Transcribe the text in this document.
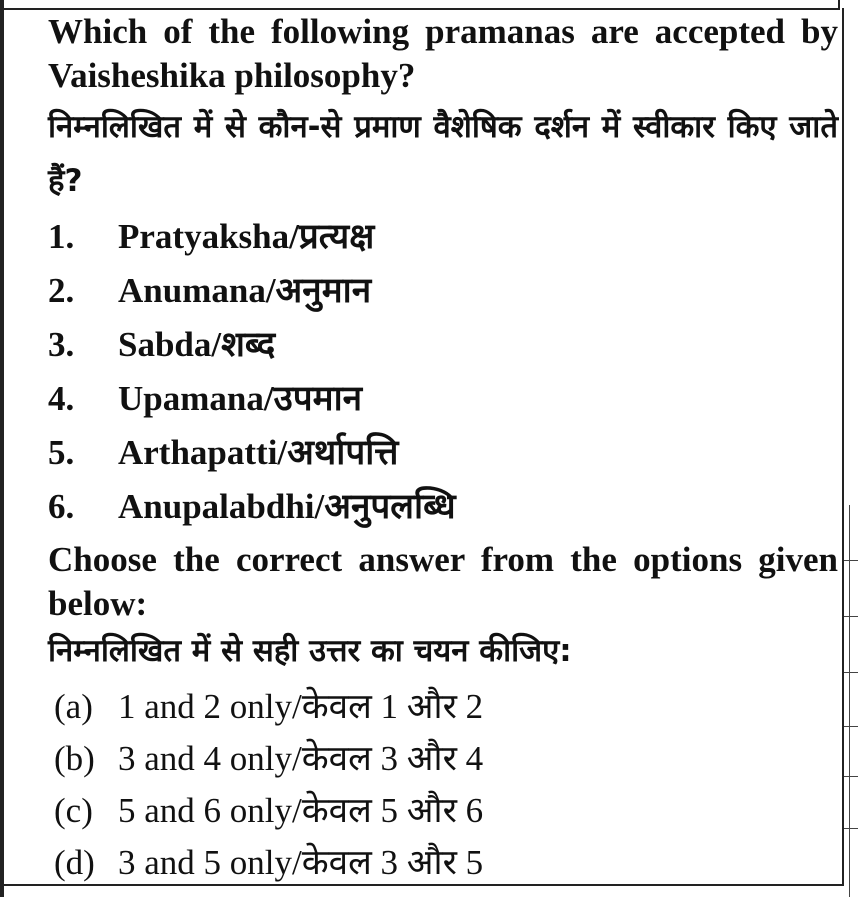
Which of the following pramanas are accepted by Vaisheshika philosophy?
निम्नलिखित में से कौन-से प्रमाण वैशेषिक दर्शन में स्वीकार किए जाते हैं?
1.	Pratyaksha/प्रत्यक्ष
2.	Anumana/अनुमान
3.	Sabda/शब्द
4.	Upamana/उपमान
5.	Arthapatti/अर्थापत्ति
6.	Anupalabdhi/अनुपलब्धि
Choose the correct answer from the options given below:
निम्नलिखित में से सही उत्तर का चयन कीजिए:
(a) 1 and 2 only/केवल 1 और 2
(b) 3 and 4 only/केवल 3 और 4
(c) 5 and 6 only/केवल 5 और 6
(d) 3 and 5 only/केवल 3 और 5
